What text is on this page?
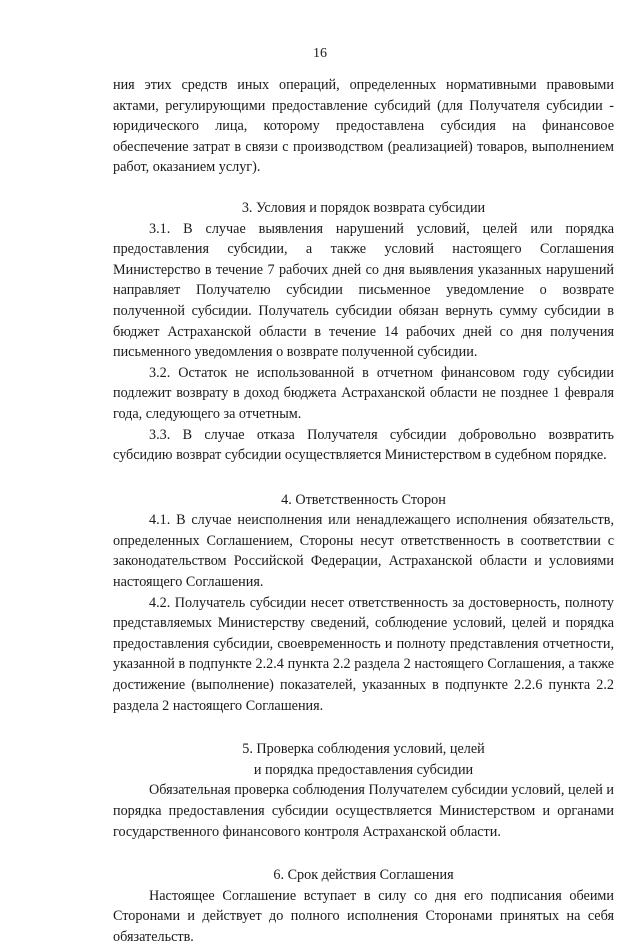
16

ния этих средств иных операций, определенных нормативными правовыми актами, регулирующими предоставление субсидий (для Получателя субсидии - юридического лица, которому предоставлена субсидия на финансовое обеспечение затрат в связи с производством (реализацией) товаров, выполнением работ, оказанием услуг).

3. Условия и порядок возврата субсидии

3.1. В случае выявления нарушений условий, целей или порядка предоставления субсидии, а также условий настоящего Соглашения Министерство в течение 7 рабочих дней со дня выявления указанных нарушений направляет Получателю субсидии письменное уведомление о возврате полученной субсидии. Получатель субсидии обязан вернуть сумму субсидии в бюджет Астраханской области в течение 14 рабочих дней со дня получения письменного уведомления о возврате полученной субсидии.

3.2. Остаток не использованной в отчетном финансовом году субсидии подлежит возврату в доход бюджета Астраханской области не позднее 1 февраля года, следующего за отчетным.

3.3. В случае отказа Получателя субсидии добровольно возвратить субсидию возврат субсидии осуществляется Министерством в судебном порядке.

4. Ответственность Сторон

4.1. В случае неисполнения или ненадлежащего исполнения обязательств, определенных Соглашением, Стороны несут ответственность в соответствии с законодательством Российской Федерации, Астраханской области и условиями настоящего Соглашения.

4.2. Получатель субсидии несет ответственность за достоверность, полноту представляемых Министерству сведений, соблюдение условий, целей и порядка предоставления субсидии, своевременность и полноту представления отчетности, указанной в подпункте 2.2.4 пункта 2.2 раздела 2 настоящего Соглашения, а также достижение (выполнение) показателей, указанных в подпункте 2.2.6 пункта 2.2 раздела 2 настоящего Соглашения.

5. Проверка соблюдения условий, целей

и порядка предоставления субсидии

Обязательная проверка соблюдения Получателем субсидии условий, целей и порядка предоставления субсидии осуществляется Министерством и органами государственного финансового контроля Астраханской области.

6. Срок действия Соглашения

Настоящее Соглашение вступает в силу со дня его подписания обеими Сторонами и действует до полного исполнения Сторонами принятых на себя обязательств.
